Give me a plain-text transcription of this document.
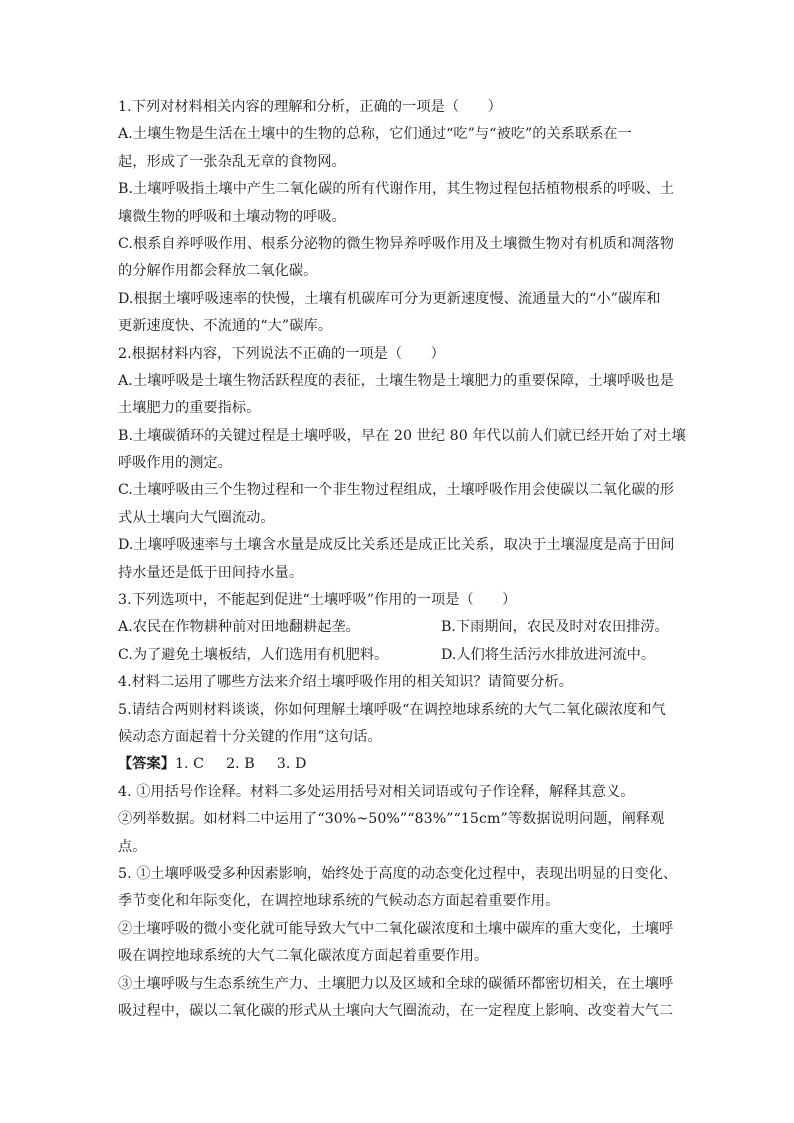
1.下列对材料相关内容的理解和分析，正确的一项是（　　）
A.土壤生物是生活在土壤中的生物的总称，它们通过“吃”与“被吃”的关系联系在一
起，形成了一张杂乱无章的食物网。
B.土壤呼吸指土壤中产生二氧化碳的所有代谢作用，其生物过程包括植物根系的呼吸、土
壤微生物的呼吸和土壤动物的呼吸。
C.根系自养呼吸作用、根系分泌物的微生物异养呼吸作用及土壤微生物对有机质和凋落物
的分解作用都会释放二氧化碳。
D.根据土壤呼吸速率的快慢，土壤有机碳库可分为更新速度慢、流通量大的“小”碳库和
更新速度快、不流通的“大”碳库。
2.根据材料内容，下列说法不正确的一项是（　　）
A.土壤呼吸是土壤生物活跃程度的表征，土壤生物是土壤肥力的重要保障，土壤呼吸也是
土壤肥力的重要指标。
B.土壤碳循环的关键过程是土壤呼吸，早在 20 世纪 80 年代以前人们就已经开始了对土壤
呼吸作用的测定。
C.土壤呼吸由三个生物过程和一个非生物过程组成，土壤呼吸作用会使碳以二氧化碳的形
式从土壤向大气圈流动。
D.土壤呼吸速率与土壤含水量是成反比关系还是成正比关系，取决于土壤湿度是高于田间
持水量还是低于田间持水量。
3.下列选项中，不能起到促进“土壤呼吸”作用的一项是（　　）
A.农民在作物耕种前对田地翻耕起垄。	B.下雨期间，农民及时对农田排涝。
C.为了避免土壤板结，人们选用有机肥料。	D.人们将生活污水排放进河流中。
4.材料二运用了哪些方法来介绍土壤呼吸作用的相关知识？请简要分析。
5.请结合两则材料谈谈，你如何理解土壤呼吸“在调控地球系统的大气二氧化碳浓度和气
候动态方面起着十分关键的作用”这句话。
【答案】1. C 2. B 3. D
4. ①用括号作诠释。材料二多处运用括号对相关词语或句子作诠释，解释其意义。
②列举数据。如材料二中运用了“30%~50%”“83%”“15cm”等数据说明问题，阐释观
点。
5. ①土壤呼吸受多种因素影响，始终处于高度的动态变化过程中，表现出明显的日变化、
季节变化和年际变化，在调控地球系统的气候动态方面起着重要作用。
②土壤呼吸的微小变化就可能导致大气中二氧化碳浓度和土壤中碳库的重大变化，土壤呼
吸在调控地球系统的大气二氧化碳浓度方面起着重要作用。
③土壤呼吸与生态系统生产力、土壤肥力以及区域和全球的碳循环都密切相关，在土壤呼
吸过程中，碳以二氧化碳的形式从土壤向大气圈流动，在一定程度上影响、改变着大气二
